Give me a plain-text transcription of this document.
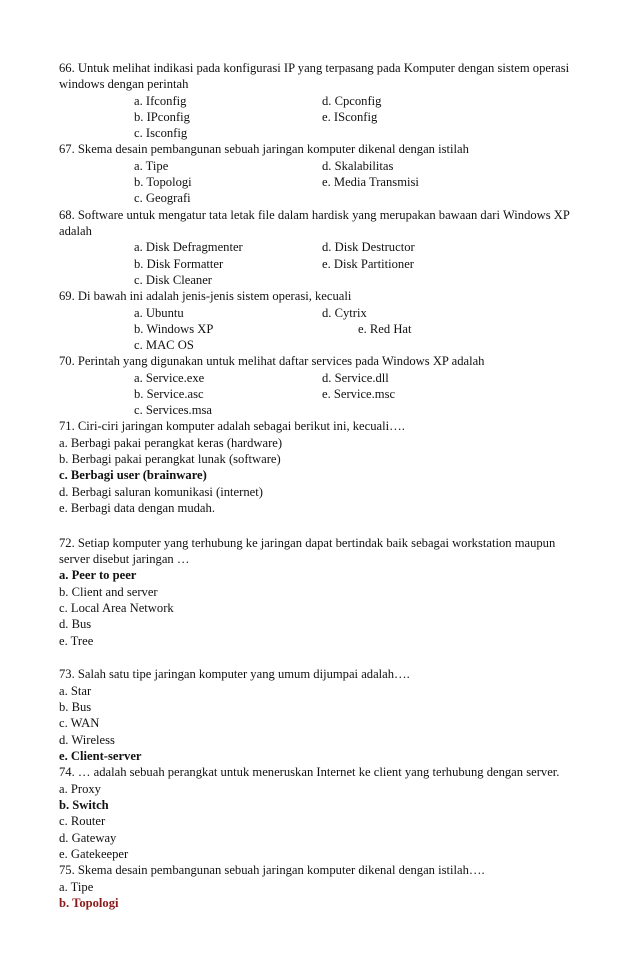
66. Untuk melihat indikasi pada konfigurasi IP yang terpasang pada Komputer dengan sistem operasi
windows dengan perintah
a. Ifconfig	d. Cpconfig
b. IPconfig	e. ISconfig
c. Isconfig
67. Skema desain pembangunan sebuah jaringan komputer dikenal dengan istilah
a. Tipe	d. Skalabilitas
b. Topologi	e. Media Transmisi
c. Geografi
68. Software untuk mengatur tata letak file dalam hardisk yang merupakan bawaan dari Windows XP
adalah
a. Disk Defragmenter	d. Disk Destructor
b. Disk Formatter	e. Disk Partitioner
c. Disk Cleaner
69. Di bawah ini adalah jenis-jenis sistem operasi, kecuali
a. Ubuntu	d. Cytrix
b. Windows XP	e. Red Hat
c. MAC OS
70. Perintah yang digunakan untuk melihat daftar services pada Windows XP adalah
a. Service.exe	d. Service.dll
b. Service.asc	e. Service.msc
c. Services.msa
71. Ciri-ciri jaringan komputer adalah sebagai berikut ini, kecuali….
a. Berbagi pakai perangkat keras (hardware)
b. Berbagi pakai perangkat lunak (software)
c. Berbagi user (brainware)
d. Berbagi saluran komunikasi (internet)
e. Berbagi data dengan mudah.
72. Setiap komputer yang terhubung ke jaringan dapat bertindak baik sebagai workstation maupun
server disebut jaringan …
a. Peer to peer
b. Client and server
c. Local Area Network
d. Bus
e. Tree
73. Salah satu tipe jaringan komputer yang umum dijumpai adalah….
a. Star
b. Bus
c. WAN
d. Wireless
e. Client-server
74. … adalah sebuah perangkat untuk meneruskan Internet ke client yang terhubung dengan server.
a. Proxy
b. Switch
c. Router
d. Gateway
e. Gatekeeper
75. Skema desain pembangunan sebuah jaringan komputer dikenal dengan istilah….
a. Tipe
b. Topologi
